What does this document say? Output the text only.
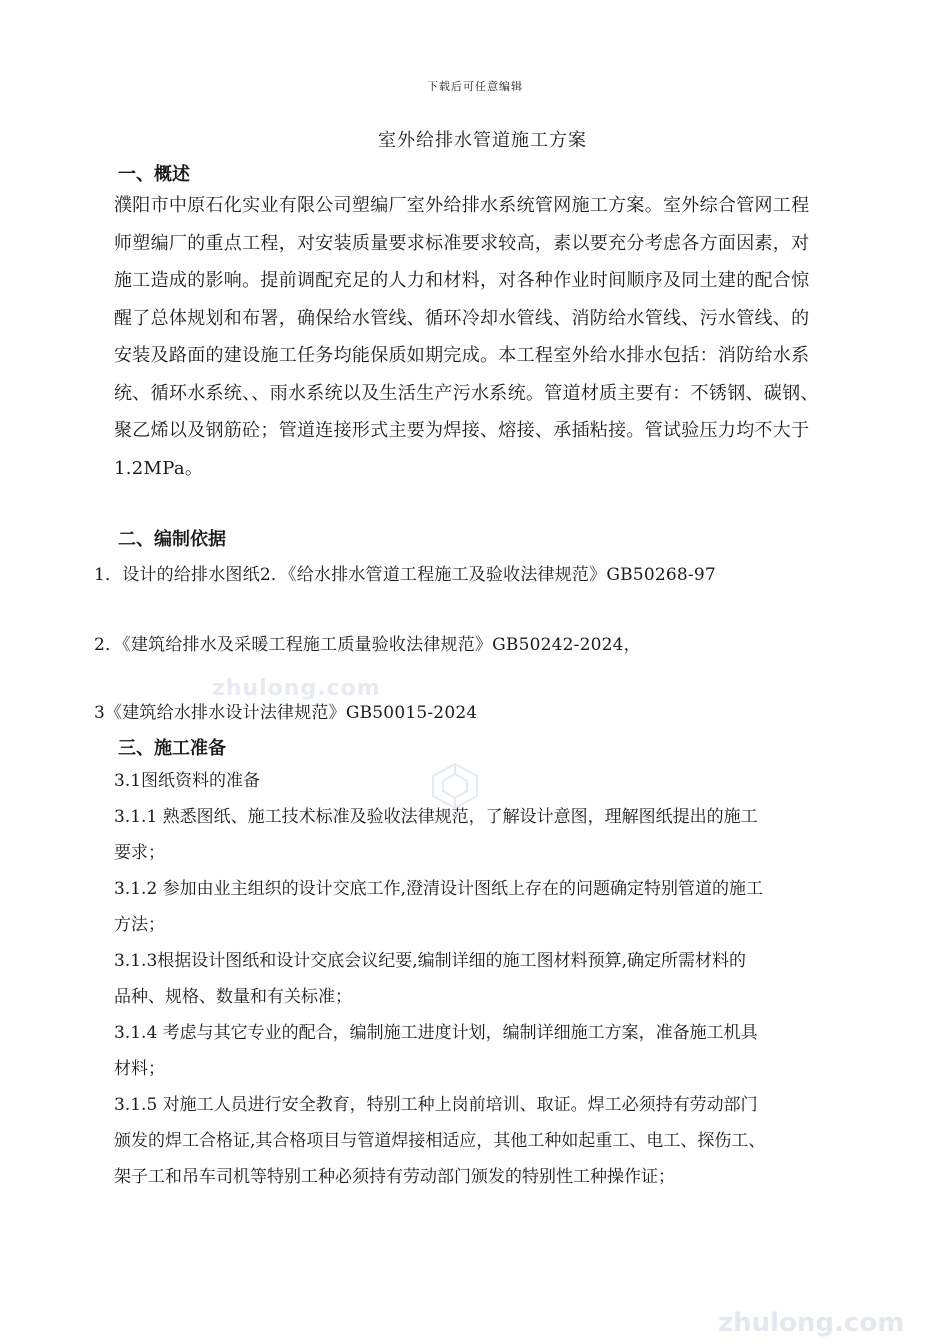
下载后可任意编辑
室外给排水管道施工方案
一、概述
濮阳市中原石化实业有限公司塑编厂室外给排水系统管网施工方案。室外综合管网工程
师塑编厂的重点工程，对安装质量要求标准要求较高，素以要充分考虑各方面因素，对
施工造成的影响。提前调配充足的人力和材料，对各种作业时间顺序及同土建的配合惊
醒了总体规划和布署，确保给水管线、循环冷却水管线、消防给水管线、污水管线、的
安装及路面的建设施工任务均能保质如期完成。本工程室外给水排水包括：消防给水系
统、循环水系统、、雨水系统以及生活生产污水系统。管道材质主要有：不锈钢、碳钢、
聚乙烯以及钢筋砼；管道连接形式主要为焊接、熔接、承插粘接。管试验压力均不大于
1.2MPa。
二、编制依据
1．设计的给排水图纸2．《给水排水管道工程施工及验收法律规范》GB50268-97
2．《建筑给排水及采暖工程施工质量验收法律规范》GB50242-2024，
3《建筑给水排水设计法律规范》GB50015-2024
zhulong.com
zhulong.com
三、施工准备
3.1图纸资料的准备
3.1.1 熟悉图纸、施工技术标准及验收法律规范，了解设计意图，理解图纸提出的施工
要求；
3.1.2 参加由业主组织的设计交底工作,澄清设计图纸上存在的问题确定特别管道的施工
方法；
3.1.3根据设计图纸和设计交底会议纪要,编制详细的施工图材料预算,确定所需材料的
品种、规格、数量和有关标准；
3.1.4 考虑与其它专业的配合，编制施工进度计划，编制详细施工方案，准备施工机具
材料；
3.1.5 对施工人员进行安全教育，特别工种上岗前培训、取证。焊工必须持有劳动部门
颁发的焊工合格证,其合格项目与管道焊接相适应，其他工种如起重工、电工、探伤工、
架子工和吊车司机等特别工种必须持有劳动部门颁发的特别性工种操作证；
